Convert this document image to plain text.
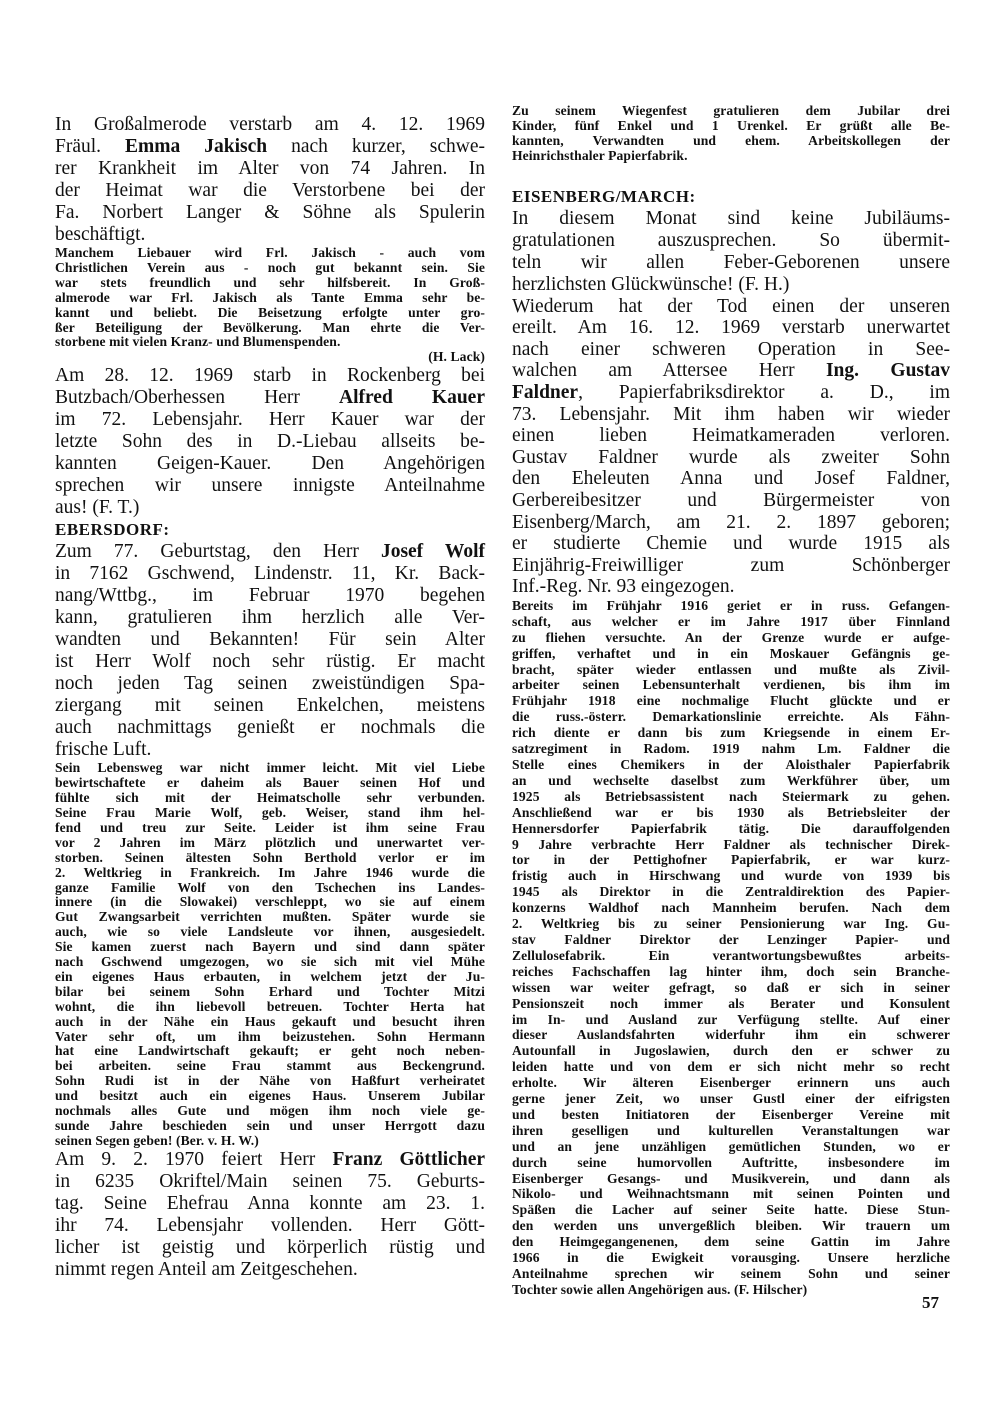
In Großalmerode verstarb am 4. 12. 1969
Fräul. Emma Jakisch nach kurzer, schwe-
rer Krankheit im Alter von 74 Jahren. In
der Heimat war die Verstorbene bei der
Fa. Norbert Langer & Söhne als Spulerin
beschäftigt.
Manchem Liebauer wird Frl. Jakisch - auch vom
Christlichen Verein aus - noch gut bekannt sein. Sie
war stets freundlich und sehr hilfsbereit. In Groß-
almerode war Frl. Jakisch als Tante Emma sehr be-
kannt und beliebt. Die Beisetzung erfolgte unter gro-
ßer Beteiligung der Bevölkerung. Man ehrte die Ver-
storbene mit vielen Kranz- und Blumenspenden.
(H. Lack)
Am 28. 12. 1969 starb in Rockenberg bei
Butzbach/Oberhessen Herr Alfred Kauer
im 72. Lebensjahr. Herr Kauer war der
letzte Sohn des in D.-Liebau allseits be-
kannten Geigen-Kauer. Den Angehörigen
sprechen wir unsere innigste Anteilnahme
aus! (F. T.)
EBERSDORF:
Zum 77. Geburtstag, den Herr Josef Wolf
in 7162 Gschwend, Lindenstr. 11, Kr. Back-
nang/Wttbg., im Februar 1970 begehen
kann, gratulieren ihm herzlich alle Ver-
wandten und Bekannten! Für sein Alter
ist Herr Wolf noch sehr rüstig. Er macht
noch jeden Tag seinen zweistündigen Spa-
ziergang mit seinen Enkelchen, meistens
auch nachmittags genießt er nochmals die
frische Luft.
Sein Lebensweg war nicht immer leicht. Mit viel Liebe
bewirtschaftete er daheim als Bauer seinen Hof und
fühlte sich mit der Heimatscholle sehr verbunden.
Seine Frau Marie Wolf, geb. Weiser, stand ihm hel-
fend und treu zur Seite. Leider ist ihm seine Frau
vor 2 Jahren im März plötzlich und unerwartet ver-
storben. Seinen ältesten Sohn Berthold verlor er im
2. Weltkrieg in Frankreich. Im Jahre 1946 wurde die
ganze Familie Wolf von den Tschechen ins Landes-
innere (in die Slowakei) verschleppt, wo sie auf einem
Gut Zwangsarbeit verrichten mußten. Später wurde sie
auch, wie so viele Landsleute vor ihnen, ausgesiedelt.
Sie kamen zuerst nach Bayern und sind dann später
nach Gschwend umgezogen, wo sie sich mit viel Mühe
ein eigenes Haus erbauten, in welchem jetzt der Ju-
bilar bei seinem Sohn Erhard und Tochter Mitzi
wohnt, die ihn liebevoll betreuen. Tochter Herta hat
auch in der Nähe ein Haus gekauft und besucht ihren
Vater sehr oft, um ihm beizustehen. Sohn Hermann
hat eine Landwirtschaft gekauft; er geht noch neben-
bei arbeiten. seine Frau stammt aus Beckengrund.
Sohn Rudi ist in der Nähe von Haßfurt verheiratet
und besitzt auch ein eigenes Haus. Unserem Jubilar
nochmals alles Gute und mögen ihm noch viele ge-
sunde Jahre beschieden sein und unser Herrgott dazu
seinen Segen geben! (Ber. v. H. W.)
Am 9. 2. 1970 feiert Herr Franz Göttlicher
in 6235 Okriftel/Main seinen 75. Geburts-
tag. Seine Ehefrau Anna konnte am 23. 1.
ihr 74. Lebensjahr vollenden. Herr Gött-
licher ist geistig und körperlich rüstig und
nimmt regen Anteil am Zeitgeschehen.
Zu seinem Wiegenfest gratulieren dem Jubilar drei
Kinder, fünf Enkel und 1 Urenkel. Er grüßt alle Be-
kannten, Verwandten und ehem. Arbeitskollegen der
Heinrichsthaler Papierfabrik.
EISENBERG/MARCH:
In diesem Monat sind keine Jubiläums-
gratulationen auszusprechen. So übermit-
teln wir allen Feber-Geborenen unsere
herzlichsten Glückwünsche! (F. H.)
Wiederum hat der Tod einen der unseren
ereilt. Am 16. 12. 1969 verstarb unerwartet
nach einer schweren Operation in See-
walchen am Attersee Herr Ing. Gustav
Faldner, Papierfabriksdirektor a. D., im
73. Lebensjahr. Mit ihm haben wir wieder
einen lieben Heimatkameraden verloren.
Gustav Faldner wurde als zweiter Sohn
den Eheleuten Anna und Josef Faldner,
Gerbereibesitzer und Bürgermeister von
Eisenberg/March, am 21. 2. 1897 geboren;
er studierte Chemie und wurde 1915 als
Einjährig-Freiwilliger zum Schönberger
Inf.-Reg. Nr. 93 eingezogen.
Bereits im Frühjahr 1916 geriet er in russ. Gefangen-
schaft, aus welcher er im Jahre 1917 über Finnland
zu fliehen versuchte. An der Grenze wurde er aufge-
griffen, verhaftet und in ein Moskauer Gefängnis ge-
bracht, später wieder entlassen und mußte als Zivil-
arbeiter seinen Lebensunterhalt verdienen, bis ihm im
Frühjahr 1918 eine nochmalige Flucht glückte und er
die russ.-österr. Demarkationslinie erreichte. Als Fähn-
rich diente er dann bis zum Kriegsende in einem Er-
satzregiment in Radom. 1919 nahm Lm. Faldner die
Stelle eines Chemikers in der Aloisthaler Papierfabrik
an und wechselte daselbst zum Werkführer über, um
1925 als Betriebsassistent nach Steiermark zu gehen.
Anschließend war er bis 1930 als Betriebsleiter der
Hennersdorfer Papierfabrik tätig. Die darauffolgenden
9 Jahre verbrachte Herr Faldner als technischer Direk-
tor in der Pettighofner Papierfabrik, er war kurz-
fristig auch in Hirschwang und wurde von 1939 bis
1945 als Direktor in die Zentraldirektion des Papier-
konzerns Waldhof nach Mannheim berufen. Nach dem
2. Weltkrieg bis zu seiner Pensionierung war Ing. Gu-
stav Faldner Direktor der Lenzinger Papier- und
Zellulosefabrik. Ein verantwortungsbewußtes arbeits-
reiches Fachschaffen lag hinter ihm, doch sein Branche-
wissen war weiter gefragt, so daß er sich in seiner
Pensionszeit noch immer als Berater und Konsulent
im In- und Ausland zur Verfügung stellte. Auf einer
dieser Auslandsfahrten widerfuhr ihm ein schwerer
Autounfall in Jugoslawien, durch den er schwer zu
leiden hatte und von dem er sich nicht mehr so recht
erholte. Wir älteren Eisenberger erinnern uns auch
gerne jener Zeit, wo unser Gustl einer der eifrigsten
und besten Initiatoren der Eisenberger Vereine mit
ihren geselligen und kulturellen Veranstaltungen war
und an jene unzähligen gemütlichen Stunden, wo er
durch seine humorvollen Auftritte, insbesondere im
Eisenberger Gesangs- und Musikverein, und dann als
Nikolo- und Weihnachtsmann mit seinen Pointen und
Späßen die Lacher auf seiner Seite hatte. Diese Stun-
den werden uns unvergeßlich bleiben. Wir trauern um
den Heimgegangenenen, dem seine Gattin im Jahre
1966 in die Ewigkeit vorausging. Unsere herzliche
Anteilnahme sprechen wir seinem Sohn und seiner
Tochter sowie allen Angehörigen aus. (F. Hilscher)
57
